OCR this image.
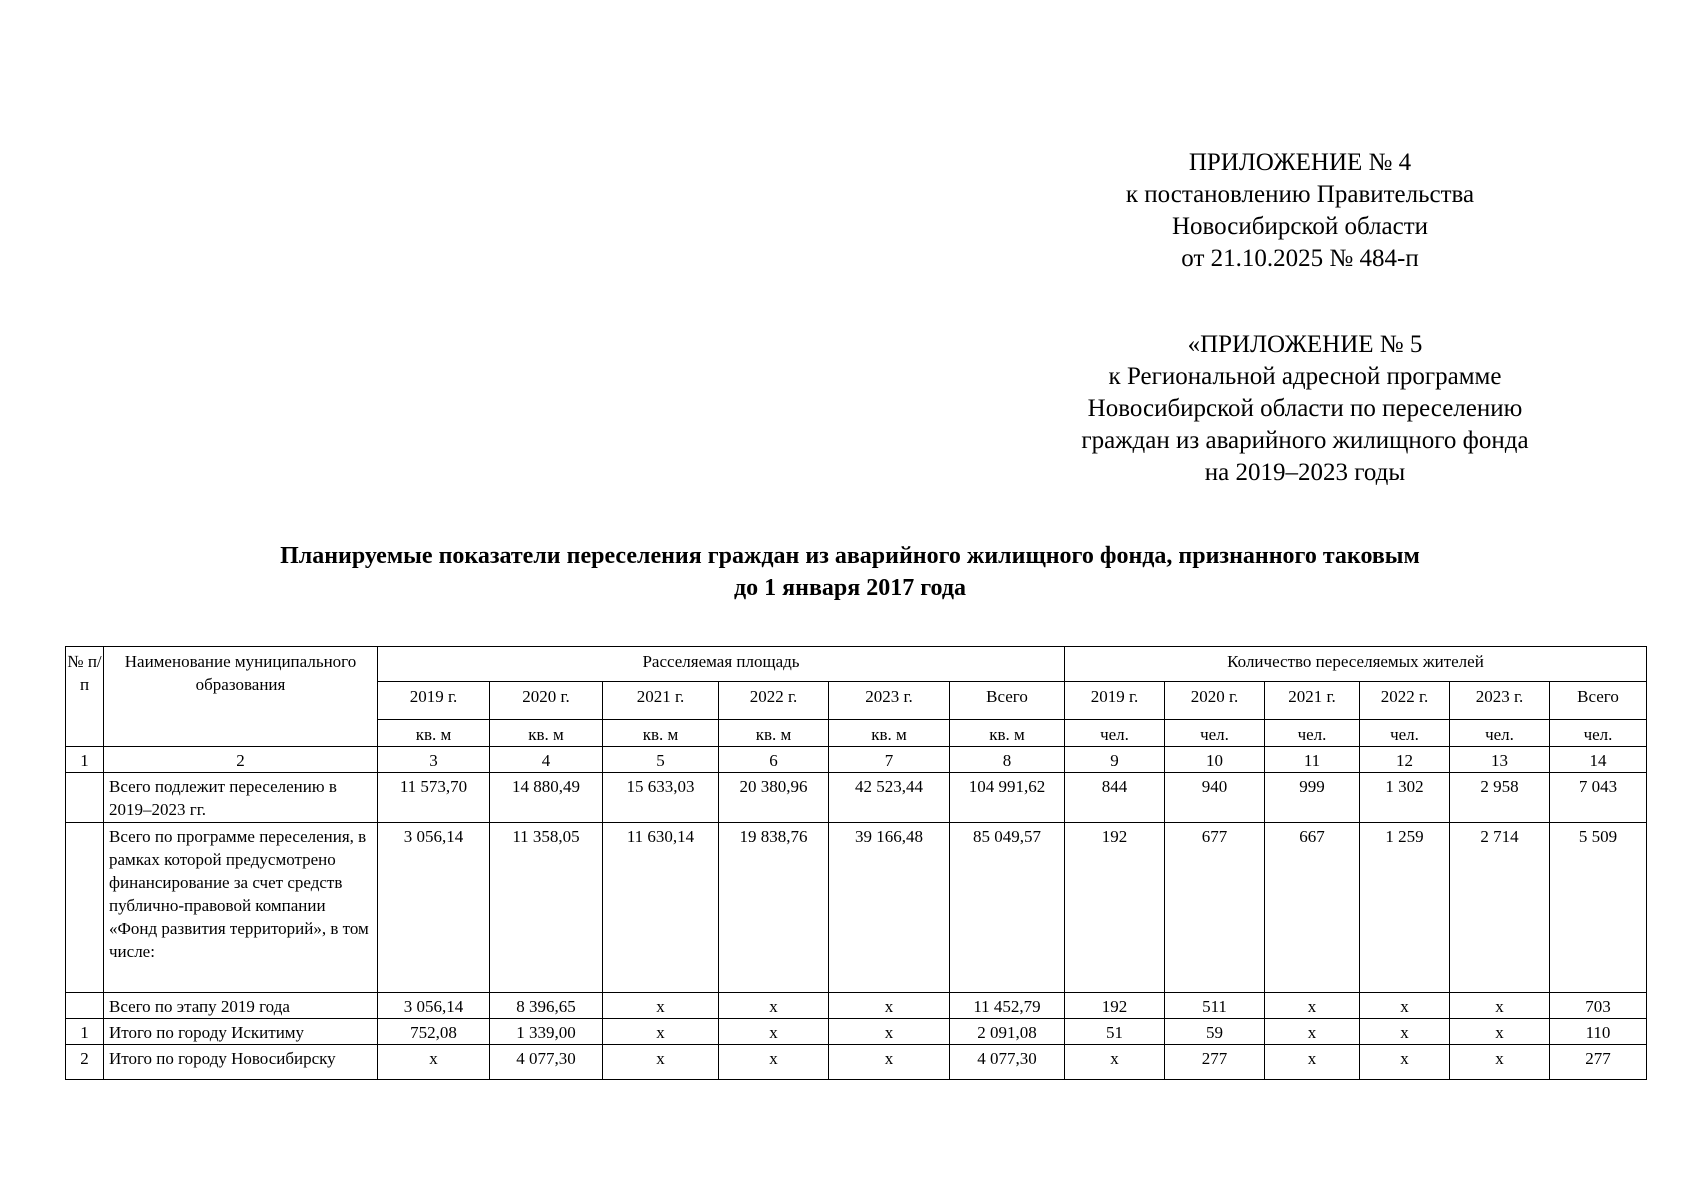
ПРИЛОЖЕНИЕ № 4
к постановлению Правительства
Новосибирской области
от 21.10.2025 № 484-п
«ПРИЛОЖЕНИЕ № 5
к Региональной адресной программе
Новосибирской области по переселению
граждан из аварийного жилищного фонда
на 2019–2023 годы
Планируемые показатели переселения граждан из аварийного жилищного фонда, признанного таковым
до 1 января 2017 года
№ п/п	Наименование муниципального образования	Расселяемая площадь						Количество переселяемых жителей					
		2019 г.	2020 г.	2021 г.	2022 г.	2023 г.	Всего	2019 г.	2020 г.	2021 г.	2022 г.	2023 г.	Всего
		кв. м	кв. м	кв. м	кв. м	кв. м	кв. м	чел.	чел.	чел.	чел.	чел.	чел.
1	2	3	4	5	6	7	8	9	10	11	12	13	14
	Всего подлежит переселению в 2019–2023 гг.	11 573,70	14 880,49	15 633,03	20 380,96	42 523,44	104 991,62	844	940	999	1 302	2 958	7 043
	Всего по программе переселения, в рамках которой предусмотрено финансирование за счет средств публично-правовой компании «Фонд развития территорий», в том числе:	3 056,14	11 358,05	11 630,14	19 838,76	39 166,48	85 049,57	192	677	667	1 259	2 714	5 509
	Всего по этапу 2019 года	3 056,14	8 396,65	х	х	х	11 452,79	192	511	х	х	х	703
1	Итого по городу Искитиму	752,08	1 339,00	х	х	х	2 091,08	51	59	х	х	х	110
2	Итого по городу Новосибирску	х	4 077,30	х	х	х	4 077,30	х	277	х	х	х	277
